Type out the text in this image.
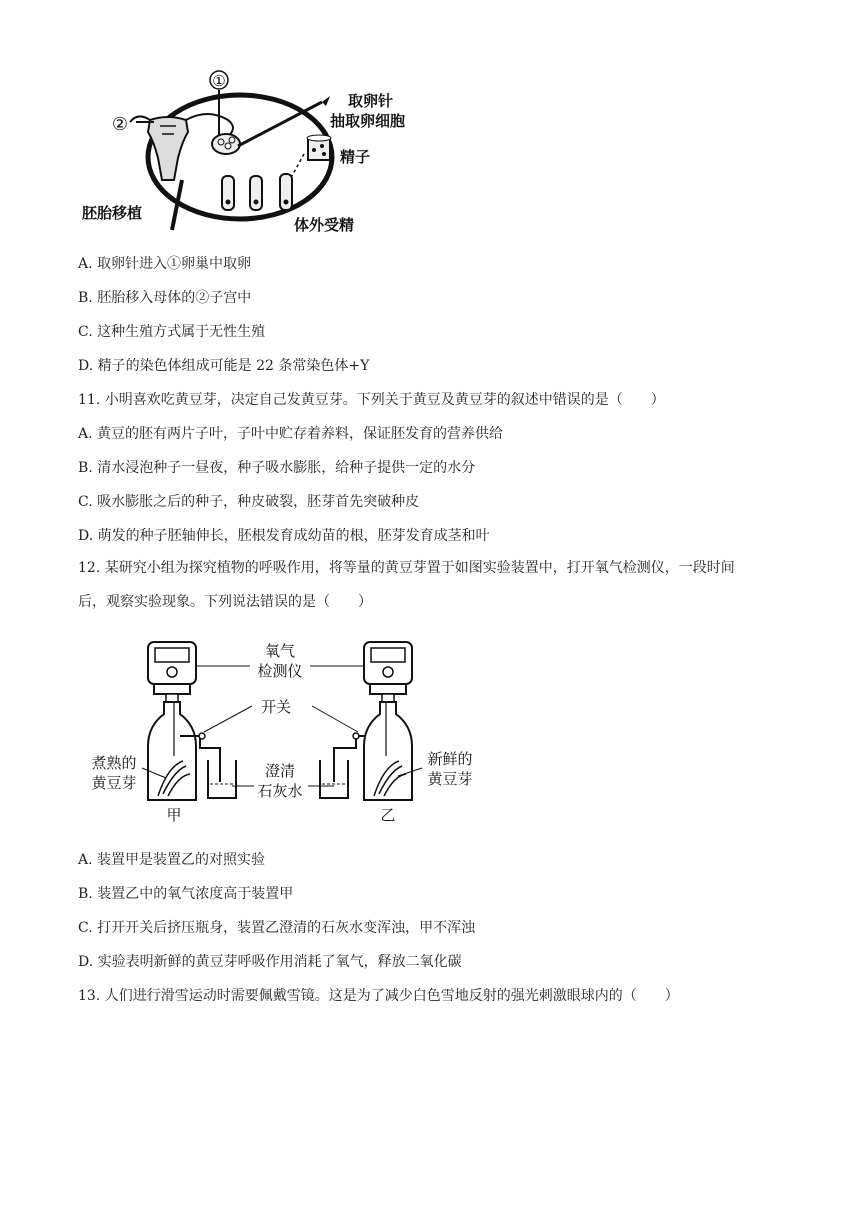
①
②
取卵针
抽取卵细胞
精子
胚胎移植
体外受精
A. 取卵针进入①卵巢中取卵
B. 胚胎移入母体的②子宫中
C. 这种生殖方式属于无性生殖
D. 精子的染色体组成可能是 22 条常染色体+Y
11. 小明喜欢吃黄豆芽，决定自己发黄豆芽。下列关于黄豆及黄豆芽的叙述中错误的是（　　）
A. 黄豆的胚有两片子叶，子叶中贮存着养料，保证胚发育的营养供给
B. 清水浸泡种子一昼夜，种子吸水膨胀，给种子提供一定的水分
C. 吸水膨胀之后的种子，种皮破裂，胚芽首先突破种皮
D. 萌发的种子胚轴伸长，胚根发育成幼苗的根，胚芽发育成茎和叶
12. 某研究小组为探究植物的呼吸作用，将等量的黄豆芽置于如图实验装置中，打开氧气检测仪，一段时间
后，观察实验现象。下列说法错误的是（　　）
氧气
检测仪
开关
煮熟的
黄豆芽
澄清
石灰水
新鲜的
黄豆芽
甲	乙
A. 装置甲是装置乙的对照实验
B. 装置乙中的氧气浓度高于装置甲
C. 打开开关后挤压瓶身，装置乙澄清的石灰水变浑浊，甲不浑浊
D. 实验表明新鲜的黄豆芽呼吸作用消耗了氧气，释放二氧化碳
13. 人们进行滑雪运动时需要佩戴雪镜。这是为了减少白色雪地反射的强光刺激眼球内的（　　）
